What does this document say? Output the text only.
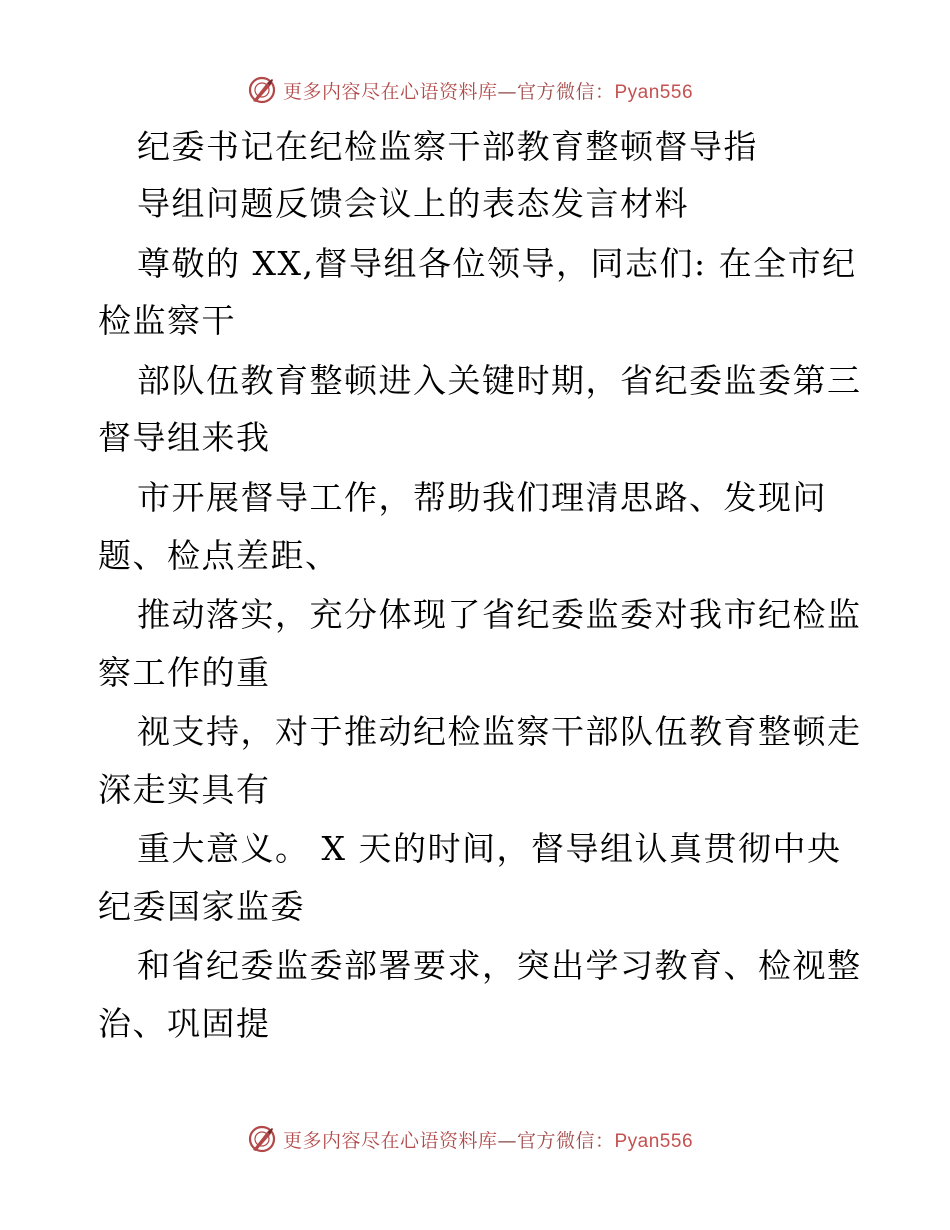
更多内容尽在心语资料库—官方微信：Pyan556
纪委书记在纪检监察干部教育整顿督导指
导组问题反馈会议上的表态发言材料
尊敬的 XX,督导组各位领导，同志们: 在全市纪
检监察干
部队伍教育整顿进入关键时期，省纪委监委第三
督导组来我
市开展督导工作，帮助我们理清思路、发现问
题、检点差距、
推动落实，充分体现了省纪委监委对我市纪检监
察工作的重
视支持，对于推动纪检监察干部队伍教育整顿走
深走实具有
重大意义。 X 天的时间，督导组认真贯彻中央
纪委国家监委
和省纪委监委部署要求，突出学习教育、检视整
治、巩固提
更多内容尽在心语资料库—官方微信：Pyan556
